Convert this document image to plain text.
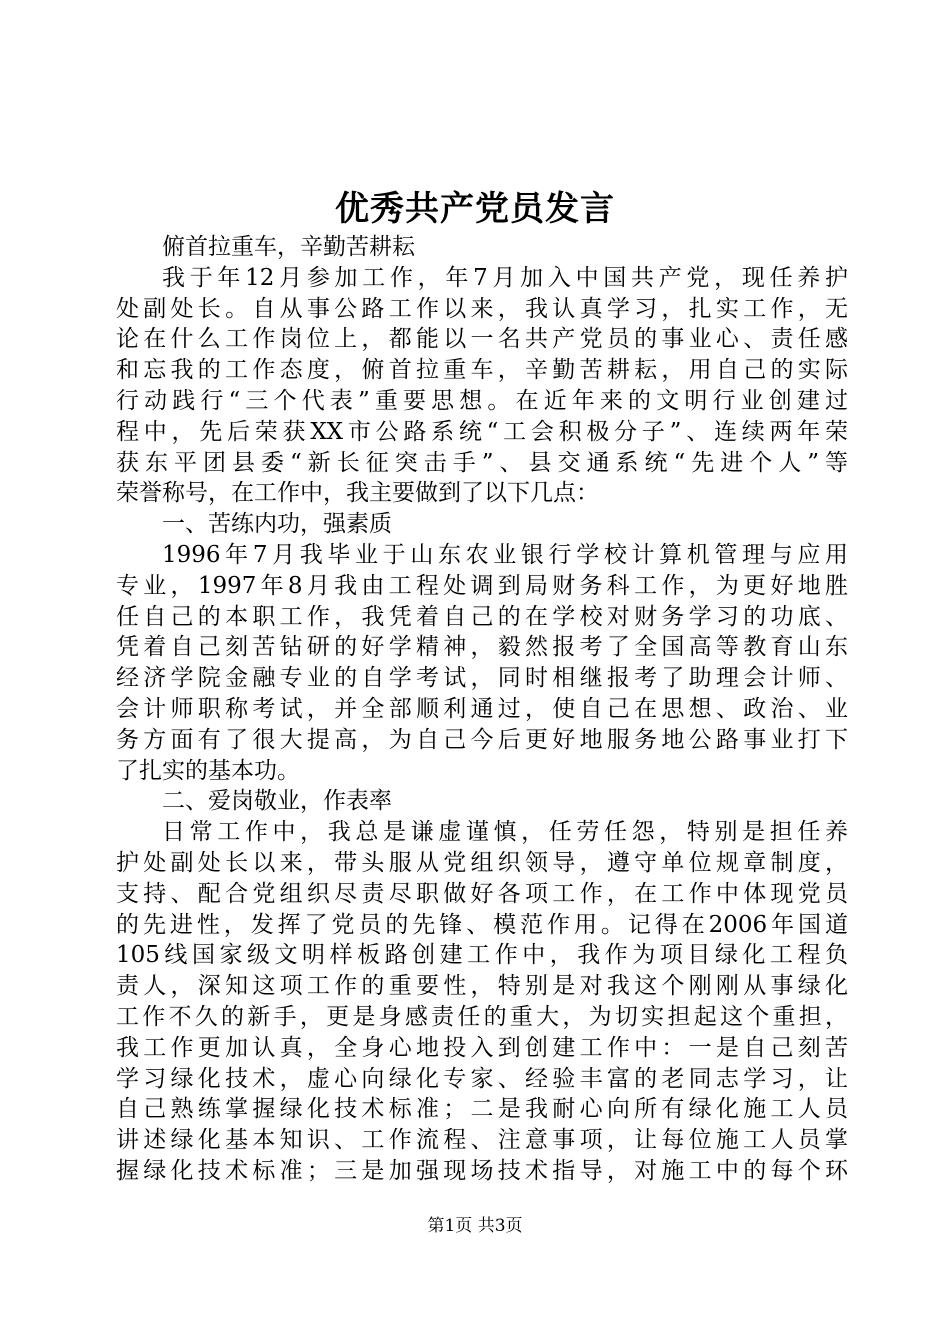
优秀共产党员发言
俯首拉重车，辛勤苦耕耘
我于年12月参加工作，年7月加入中国共产党，现任养护
处副处长。自从事公路工作以来，我认真学习，扎实工作，无
论在什么工作岗位上，都能以一名共产党员的事业心、责任感
和忘我的工作态度，俯首拉重车，辛勤苦耕耘，用自己的实际
行动践行“三个代表”重要思想。在近年来的文明行业创建过
程中，先后荣获XX市公路系统“工会积极分子”、连续两年荣
获东平团县委“新长征突击手”、县交通系统“先进个人”等
荣誉称号，在工作中，我主要做到了以下几点：
一、苦练内功，强素质
1996年7月我毕业于山东农业银行学校计算机管理与应用
专业，1997年8月我由工程处调到局财务科工作，为更好地胜
任自己的本职工作，我凭着自己的在学校对财务学习的功底、
凭着自己刻苦钻研的好学精神，毅然报考了全国高等教育山东
经济学院金融专业的自学考试，同时相继报考了助理会计师、
会计师职称考试，并全部顺利通过，使自己在思想、政治、业
务方面有了很大提高，为自己今后更好地服务地公路事业打下
了扎实的基本功。
二、爱岗敬业，作表率
日常工作中，我总是谦虚谨慎，任劳任怨，特别是担任养
护处副处长以来，带头服从党组织领导，遵守单位规章制度，
支持、配合党组织尽责尽职做好各项工作，在工作中体现党员
的先进性，发挥了党员的先锋、模范作用。记得在2006年国道
105线国家级文明样板路创建工作中，我作为项目绿化工程负
责人，深知这项工作的重要性，特别是对我这个刚刚从事绿化
工作不久的新手，更是身感责任的重大，为切实担起这个重担，
我工作更加认真，全身心地投入到创建工作中：一是自己刻苦
学习绿化技术，虚心向绿化专家、经验丰富的老同志学习，让
自己熟练掌握绿化技术标准；二是我耐心向所有绿化施工人员
讲述绿化基本知识、工作流程、注意事项，让每位施工人员掌
握绿化技术标准；三是加强现场技术指导，对施工中的每个环
第1页 共3页
